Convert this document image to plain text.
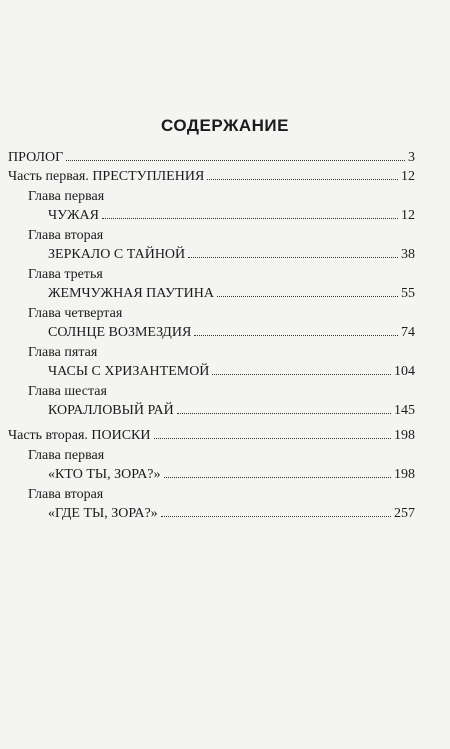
СОДЕРЖАНИЕ
ПРОЛОГ	3
Часть первая. ПРЕСТУПЛЕНИЯ	12
Глава первая
ЧУЖАЯ	12
Глава вторая
ЗЕРКАЛО С ТАЙНОЙ	38
Глава третья
ЖЕМЧУЖНАЯ ПАУТИНА	55
Глава четвертая
СОЛНЦЕ ВОЗМЕЗДИЯ	74
Глава пятая
ЧАСЫ С ХРИЗАНТЕМОЙ	104
Глава шестая
КОРАЛЛОВЫЙ РАЙ	145
Часть вторая. ПОИСКИ	198
Глава первая
«КТО ТЫ, ЗОРА?»	198
Глава вторая
«ГДЕ ТЫ, ЗОРА?»	257
